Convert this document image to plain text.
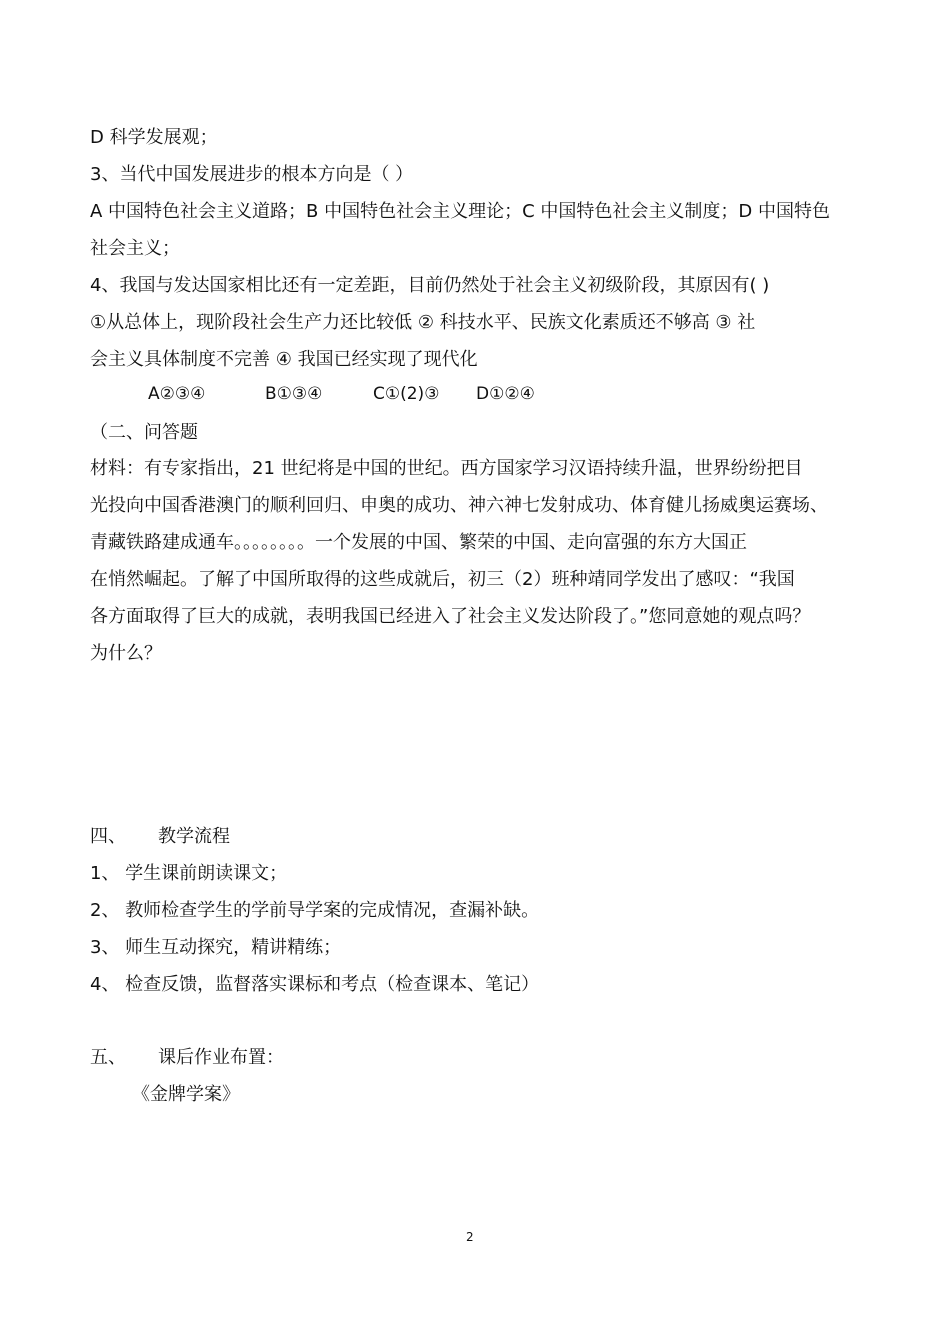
D 科学发展观；
3、当代中国发展进步的根本方向是（ ）
A 中国特色社会主义道路；B 中国特色社会主义理论；C 中国特色社会主义制度；D 中国特色
社会主义；
4、我国与发达国家相比还有一定差距，目前仍然处于社会主义初级阶段，其原因有( )
①从总体上，现阶段社会生产力还比较低 ② 科技水平、民族文化素质还不够高 ③ 社
会主义具体制度不完善 ④ 我国已经实现了现代化
A②③④	B①③④	C①(2)③ D①②④
（二、问答题
材料：有专家指出，21 世纪将是中国的世纪。西方国家学习汉语持续升温，世界纷纷把目
光投向中国香港澳门的顺利回归、申奥的成功、神六神七发射成功、体育健儿扬威奥运赛场、
青藏铁路建成通车。。。。。。。。一个发展的中国、繁荣的中国、走向富强的东方大国正
在悄然崛起。了解了中国所取得的这些成就后，初三（2）班种靖同学发出了感叹：“我国
各方面取得了巨大的成就，表明我国已经进入了社会主义发达阶段了。”您同意她的观点吗？
为什么？
四、 教学流程
1、 学生课前朗读课文；
2、 教师检查学生的学前导学案的完成情况，查漏补缺。
3、 师生互动探究，精讲精练；
4、 检查反馈，监督落实课标和考点（检查课本、笔记）
五、 课后作业布置：
《金牌学案》
2
